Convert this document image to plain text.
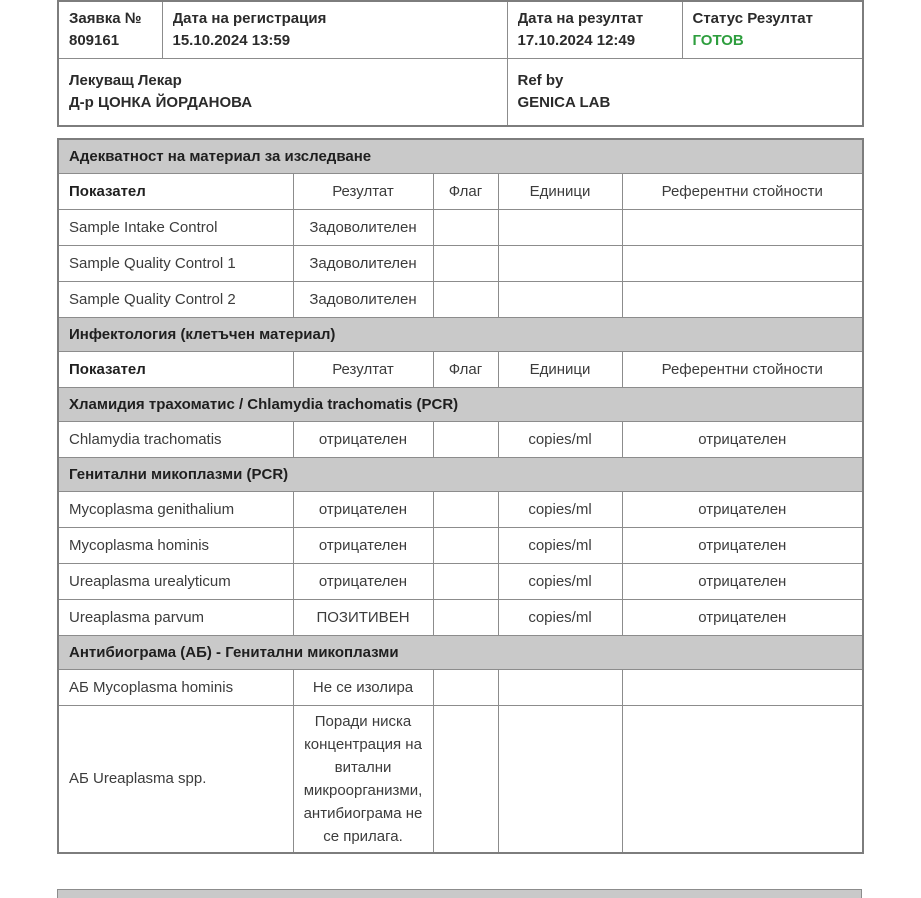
Заявка №
809161

Дата на регистрация
15.10.2024 13:59

Дата на резултат
17.10.2024 12:49

Статус Резултат
ГОТОВ

Лекуващ Лекар
Д-р ЦОНКА ЙОРДАНОВА

Ref by
GENICA LAB
Адекватност на материал за изследване				
Показател	Резултат	Флаг	Единици	Референтни стойности
Sample Intake Control	Задоволителен			
Sample Quality Control 1	Задоволителен			
Sample Quality Control 2	Задоволителен			
Инфектология (клетъчен материал)				
Показател	Резултат	Флаг	Единици	Референтни стойности
Хламидия трахоматис / Chlamydia trachomatis (PCR)				
Chlamydia trachomatis	отрицателен		copies/ml	отрицателен
Генитални микоплазми (PCR)				
Mycoplasma genithalium	отрицателен		copies/ml	отрицателен
Mycoplasma hominis	отрицателен		copies/ml	отрицателен
Ureaplasma urealyticum	отрицателен		copies/ml	отрицателен
Ureaplasma parvum	ПОЗИТИВЕН		copies/ml	отрицателен
Антибиограма (АБ) - Генитални микоплазми				
АБ Mycoplasma hominis	Не се изолира			
АБ Ureaplasma spp.	Поради ниска концентрация на витални микроорганизми, антибиограма не се прилага.			
